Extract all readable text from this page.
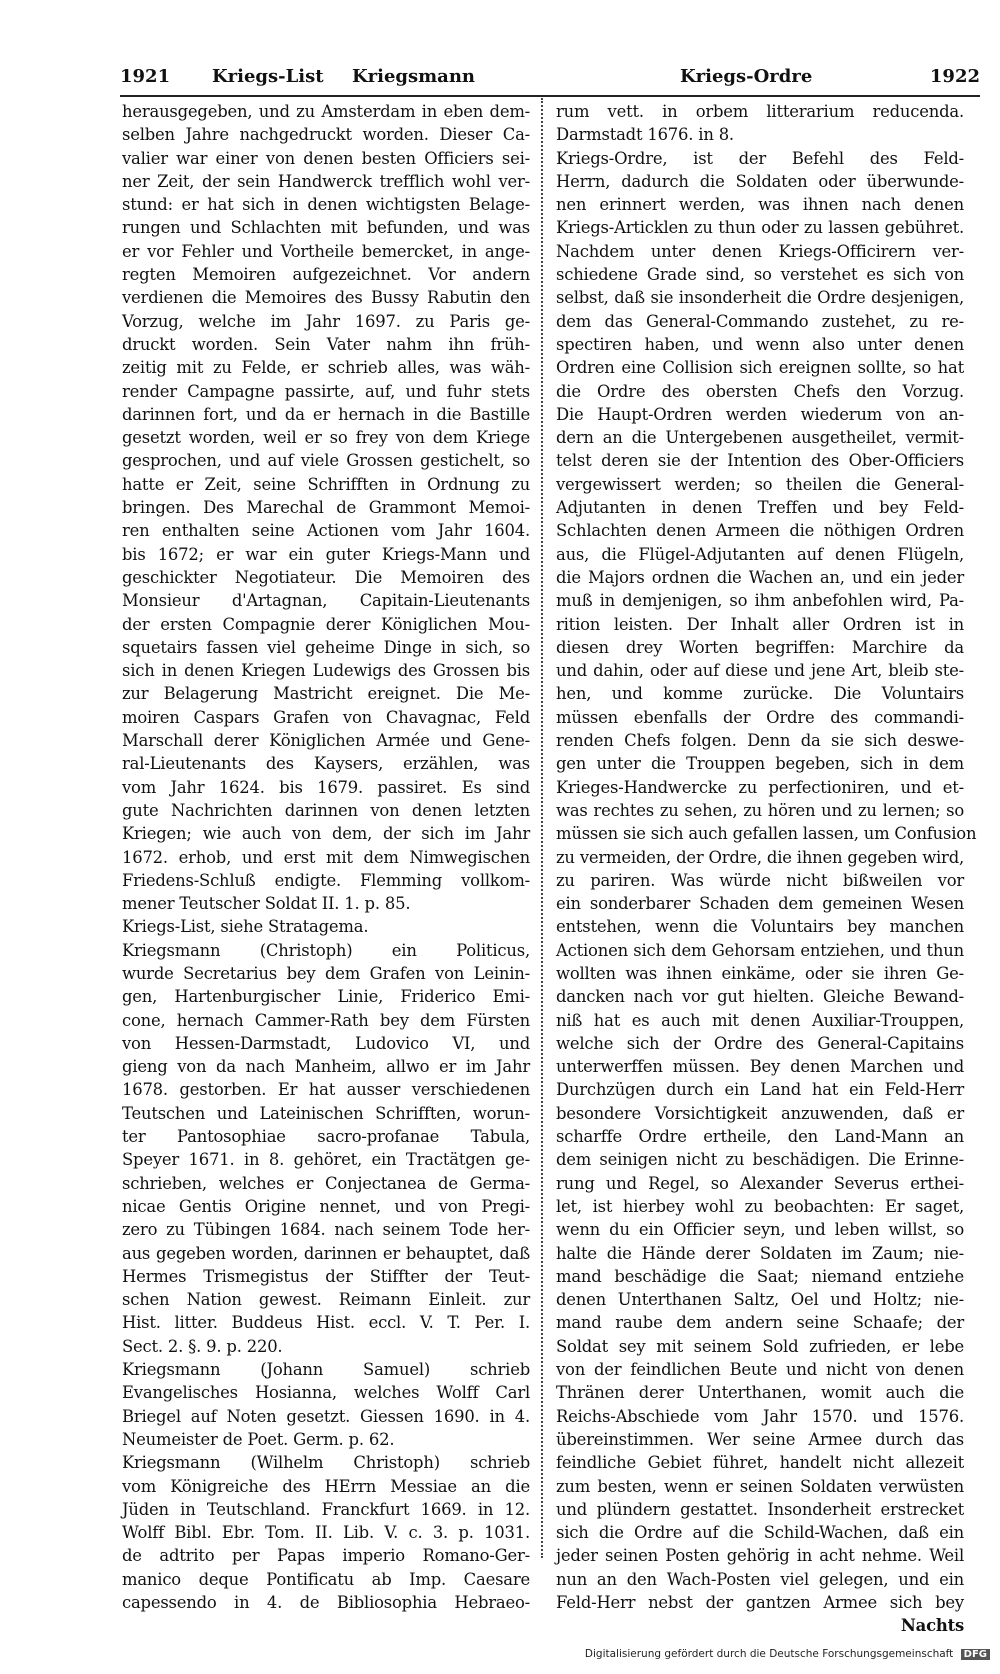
1921 Kriegs-List Kriegsmann	Kriegs-Ordre	1922
herausgegeben, und zu Amsterdam in eben dem-
selben Jahre nachgedruckt worden. Dieser Ca-
valier war einer von denen besten Officiers sei-
ner Zeit, der sein Handwerck trefflich wohl ver-
stund: er hat sich in denen wichtigsten Belage-
rungen und Schlachten mit befunden, und was
er vor Fehler und Vortheile bemercket, in ange-
regten Memoiren aufgezeichnet. Vor andern
verdienen die Memoires des Bussy Rabutin den
Vorzug, welche im Jahr 1697. zu Paris ge-
druckt worden. Sein Vater nahm ihn früh-
zeitig mit zu Felde, er schrieb alles, was wäh-
render Campagne passirte, auf, und fuhr stets
darinnen fort, und da er hernach in die Bastille
gesetzt worden, weil er so frey von dem Kriege
gesprochen, und auf viele Grossen gestichelt, so
hatte er Zeit, seine Schrifften in Ordnung zu
bringen. Des Marechal de Grammont Memoi-
ren enthalten seine Actionen vom Jahr 1604.
bis 1672; er war ein guter Kriegs-Mann und
geschickter Negotiateur. Die Memoiren des
Monsieur d'Artagnan, Capitain-Lieutenants
der ersten Compagnie derer Königlichen Mou-
squetairs fassen viel geheime Dinge in sich, so
sich in denen Kriegen Ludewigs des Grossen bis
zur Belagerung Mastricht ereignet. Die Me-
moiren Caspars Grafen von Chavagnac, Feld
Marschall derer Königlichen Armée und Gene-
ral-Lieutenants des Kaysers, erzählen, was
vom Jahr 1624. bis 1679. passiret. Es sind
gute Nachrichten darinnen von denen letzten
Kriegen; wie auch von dem, der sich im Jahr
1672. erhob, und erst mit dem Nimwegischen
Friedens-Schluß endigte. Flemming vollkom-
mener Teutscher Soldat II. 1. p. 85.
Kriegs-List, siehe Stratagema.
Kriegsmann (Christoph) ein Politicus,
wurde Secretarius bey dem Grafen von Leinin-
gen, Hartenburgischer Linie, Friderico Emi-
cone, hernach Cammer-Rath bey dem Fürsten
von Hessen-Darmstadt, Ludovico VI, und
gieng von da nach Manheim, allwo er im Jahr
1678. gestorben. Er hat ausser verschiedenen
Teutschen und Lateinischen Schrifften, worun-
ter Pantosophiae sacro-profanae Tabula,
Speyer 1671. in 8. gehöret, ein Tractätgen ge-
schrieben, welches er Conjectanea de Germa-
nicae Gentis Origine nennet, und von Pregi-
zero zu Tübingen 1684. nach seinem Tode her-
aus gegeben worden, darinnen er behauptet, daß
Hermes Trismegistus der Stiffter der Teut-
schen Nation gewest. Reimann Einleit. zur
Hist. litter. Buddeus Hist. eccl. V. T. Per. I.
Sect. 2. §. 9. p. 220.
Kriegsmann (Johann Samuel) schrieb
Evangelisches Hosianna, welches Wolff Carl
Briegel auf Noten gesetzt. Giessen 1690. in 4.
Neumeister de Poet. Germ. p. 62.
Kriegsmann (Wilhelm Christoph) schrieb
vom Königreiche des HErrn Messiae an die
Jüden in Teutschland. Franckfurt 1669. in 12.
Wolff Bibl. Ebr. Tom. II. Lib. V. c. 3. p. 1031.
de adtrito per Papas imperio Romano-Ger-
manico deque Pontificatu ab Imp. Caesare
capessendo in 4. de Bibliosophia Hebraeo-
rum vett. in orbem litterarium reducenda.
Darmstadt 1676. in 8.
Kriegs-Ordre, ist der Befehl des Feld-
Herrn, dadurch die Soldaten oder überwunde-
nen erinnert werden, was ihnen nach denen
Kriegs-Articklen zu thun oder zu lassen gebühret.
Nachdem unter denen Kriegs-Officirern ver-
schiedene Grade sind, so verstehet es sich von
selbst, daß sie insonderheit die Ordre desjenigen,
dem das General-Commando zustehet, zu re-
spectiren haben, und wenn also unter denen
Ordren eine Collision sich ereignen sollte, so hat
die Ordre des obersten Chefs den Vorzug.
Die Haupt-Ordren werden wiederum von an-
dern an die Untergebenen ausgetheilet, vermit-
telst deren sie der Intention des Ober-Officiers
vergewissert werden; so theilen die General-
Adjutanten in denen Treffen und bey Feld-
Schlachten denen Armeen die nöthigen Ordren
aus, die Flügel-Adjutanten auf denen Flügeln,
die Majors ordnen die Wachen an, und ein jeder
muß in demjenigen, so ihm anbefohlen wird, Pa-
rition leisten. Der Inhalt aller Ordren ist in
diesen drey Worten begriffen: Marchire da
und dahin, oder auf diese und jene Art, bleib ste-
hen, und komme zurücke. Die Voluntairs
müssen ebenfalls der Ordre des commandi-
renden Chefs folgen. Denn da sie sich deswe-
gen unter die Trouppen begeben, sich in dem
Krieges-Handwercke zu perfectioniren, und et-
was rechtes zu sehen, zu hören und zu lernen; so
müssen sie sich auch gefallen lassen, um Confusion
zu vermeiden, der Ordre, die ihnen gegeben wird,
zu pariren. Was würde nicht bißweilen vor
ein sonderbarer Schaden dem gemeinen Wesen
entstehen, wenn die Voluntairs bey manchen
Actionen sich dem Gehorsam entziehen, und thun
wollten was ihnen einkäme, oder sie ihren Ge-
dancken nach vor gut hielten. Gleiche Bewand-
niß hat es auch mit denen Auxiliar-Trouppen,
welche sich der Ordre des General-Capitains
unterwerffen müssen. Bey denen Marchen und
Durchzügen durch ein Land hat ein Feld-Herr
besondere Vorsichtigkeit anzuwenden, daß er
scharffe Ordre ertheile, den Land-Mann an
dem seinigen nicht zu beschädigen. Die Erinne-
rung und Regel, so Alexander Severus erthei-
let, ist hierbey wohl zu beobachten: Er saget,
wenn du ein Officier seyn, und leben willst, so
halte die Hände derer Soldaten im Zaum; nie-
mand beschädige die Saat; niemand entziehe
denen Unterthanen Saltz, Oel und Holtz; nie-
mand raube dem andern seine Schaafe; der
Soldat sey mit seinem Sold zufrieden, er lebe
von der feindlichen Beute und nicht von denen
Thränen derer Unterthanen, womit auch die
Reichs-Abschiede vom Jahr 1570. und 1576.
übereinstimmen. Wer seine Armee durch das
feindliche Gebiet führet, handelt nicht allezeit
zum besten, wenn er seinen Soldaten verwüsten
und plündern gestattet. Insonderheit erstrecket
sich die Ordre auf die Schild-Wachen, daß ein
jeder seinen Posten gehörig in acht nehme. Weil
nun an den Wach-Posten viel gelegen, und ein
Feld-Herr nebst der gantzen Armee sich bey
Nachts
Digitalisierung gefördert durch die Deutsche Forschungsgemeinschaft DFG
